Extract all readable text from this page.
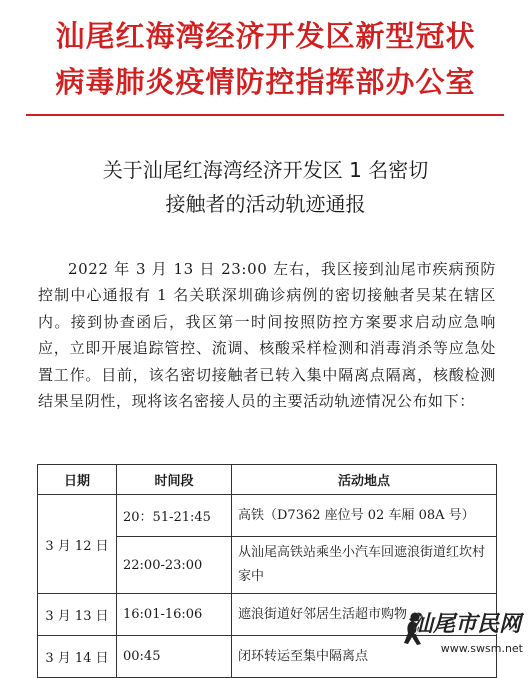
汕尾红海湾经济开发区新型冠状
病毒肺炎疫情防控指挥部办公室
关于汕尾红海湾经济开发区 1 名密切
接触者的活动轨迹通报
2022 年 3 月 13 日 23:00 左右，我区接到汕尾市疾病预防控制中心通报有 1 名关联深圳确诊病例的密切接触者吴某在辖区内。接到协查函后，我区第一时间按照防控方案要求启动应急响应，立即开展追踪管控、流调、核酸采样检测和消毒消杀等应急处置工作。目前，该名密切接触者已转入集中隔离点隔离，核酸检测结果呈阴性，现将该名密接人员的主要活动轨迹情况公布如下：
日期	时间段	活动地点
3 月 12 日	20：51-21:45	高铁（D7362 座位号 02 车厢 08A 号）
	22:00-23:00	从汕尾高铁站乘坐小汽车回遮浪街道红坎村家中
3 月 13 日	16:01-16:06	遮浪街道好邻居生活超市购物
3 月 14 日	00:45	闭环转运至集中隔离点
汕尾市民网
www.swsm.net
